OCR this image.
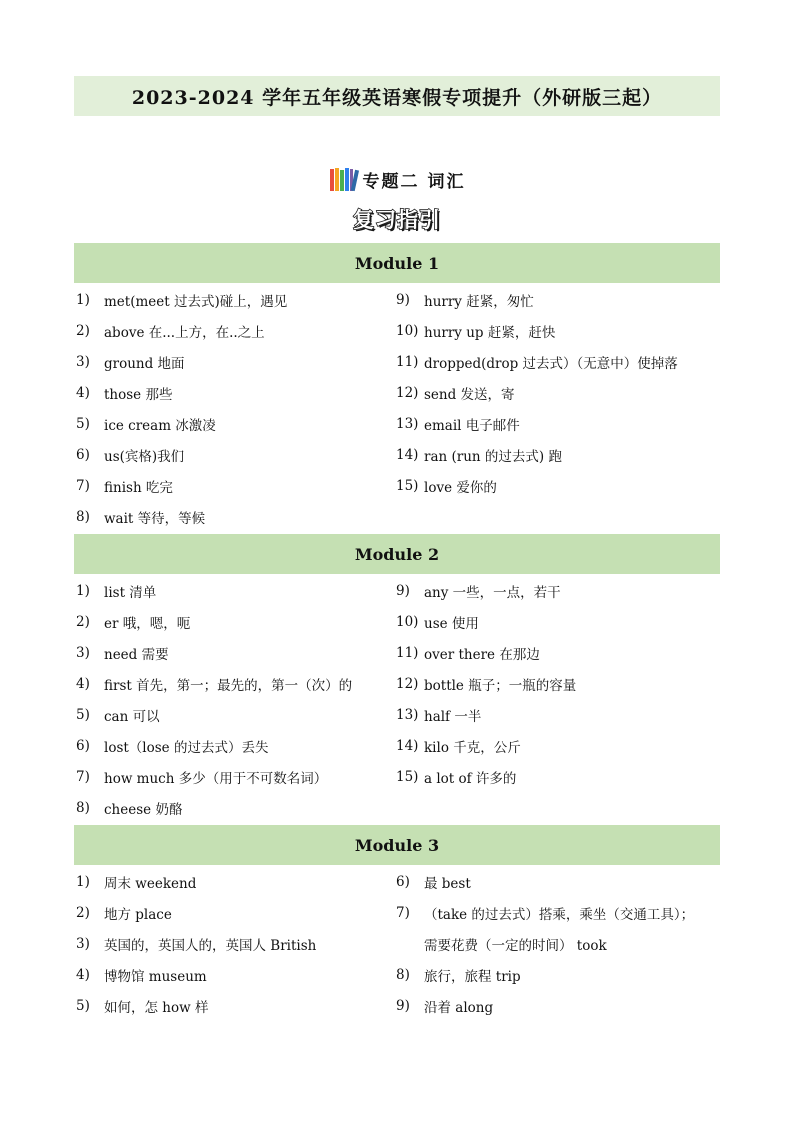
2023-2024 学年五年级英语寒假专项提升（外研版三起）
专题二 词汇
复习指引
Module 1
1)	met(meet 过去式)碰上，遇见
2)	above 在...上方，在..之上
3)	ground 地面
4)	those 那些
5)	ice cream 冰激凌
6)	us(宾格)我们
7)	finish 吃完
8)	wait 等待，等候
9)	hurry 赶紧，匆忙
10) hurry up 赶紧，赶快
11) dropped(drop 过去式）（无意中）使掉落
12) send 发送，寄
13) email 电子邮件
14) ran (run 的过去式) 跑
15) love 爱你的
Module 2
1)	list 清单
2)	er 哦，嗯，呃
3)	need 需要
4)	first 首先，第一；最先的，第一（次）的
5)	can 可以
6)	lost（lose 的过去式）丢失
7)	how much 多少（用于不可数名词）
8)	cheese 奶酪
9)	any 一些，一点，若干
10) use 使用
11) over there 在那边
12) bottle 瓶子；一瓶的容量
13) half 一半
14) kilo 千克，公斤
15) a lot of 许多的
Module 3
1)	周末 weekend
2)	地方 place
3)	英国的，英国人的，英国人 British
4)	博物馆 museum
5)	如何，怎 how 样
6)	最 best
7)	（take 的过去式）搭乘，乘坐（交通工具）；
需要花费（一定的时间） took
8)	旅行，旅程 trip
9)	沿着 along
